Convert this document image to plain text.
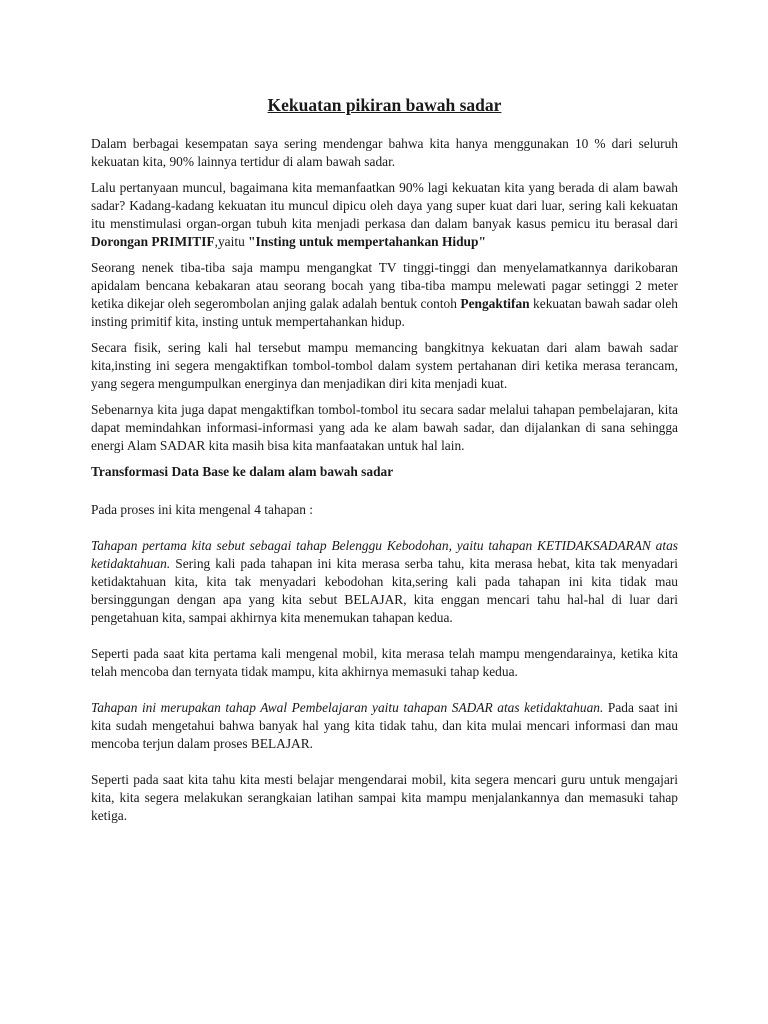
Kekuatan pikiran bawah sadar

Dalam berbagai kesempatan saya sering mendengar bahwa kita hanya menggunakan 10 % dari seluruh kekuatan kita, 90% lainnya tertidur di alam bawah sadar.

Lalu pertanyaan muncul, bagaimana kita memanfaatkan 90% lagi kekuatan kita yang berada di alam bawah sadar? Kadang-kadang kekuatan itu muncul dipicu oleh daya yang super kuat dari luar, sering kali kekuatan itu menstimulasi organ-organ tubuh kita menjadi perkasa dan dalam banyak kasus pemicu itu berasal dari Dorongan PRIMITIF,yaitu "Insting untuk mempertahankan Hidup"

Seorang nenek tiba-tiba saja mampu mengangkat TV tinggi-tinggi dan menyelamatkannya darikobaran apidalam bencana kebakaran atau seorang bocah yang tiba-tiba mampu melewati pagar setinggi 2 meter ketika dikejar oleh segerombolan anjing galak adalah bentuk contoh Pengaktifan kekuatan bawah sadar oleh insting primitif kita, insting untuk mempertahankan hidup.

Secara fisik, sering kali hal tersebut mampu memancing bangkitnya kekuatan dari alam bawah sadar kita,insting ini segera mengaktifkan tombol-tombol dalam system pertahanan diri ketika merasa terancam, yang segera mengumpulkan energinya dan menjadikan diri kita menjadi kuat.

Sebenarnya kita juga dapat mengaktifkan tombol-tombol itu secara sadar melalui tahapan pembelajaran, kita dapat memindahkan informasi-informasi yang ada ke alam bawah sadar, dan dijalankan di sana sehingga energi Alam SADAR kita masih bisa kita manfaatakan untuk hal lain.

Transformasi Data Base ke dalam alam bawah sadar

Pada proses ini kita mengenal 4 tahapan :

Tahapan pertama kita sebut sebagai tahap Belenggu Kebodohan, yaitu tahapan KETIDAKSADARAN atas ketidaktahuan. Sering kali pada tahapan ini kita merasa serba tahu, kita merasa hebat, kita tak menyadari ketidaktahuan kita, kita tak menyadari kebodohan kita,sering kali pada tahapan ini kita tidak mau bersinggungan dengan apa yang kita sebut BELAJAR, kita enggan mencari tahu hal-hal di luar dari pengetahuan kita, sampai akhirnya kita menemukan tahapan kedua.

Seperti pada saat kita pertama kali mengenal mobil, kita merasa telah mampu mengendarainya, ketika kita telah mencoba dan ternyata tidak mampu, kita akhirnya memasuki tahap kedua.

Tahapan ini merupakan tahap Awal Pembelajaran yaitu tahapan SADAR atas ketidaktahuan. Pada saat ini kita sudah mengetahui bahwa banyak hal yang kita tidak tahu, dan kita mulai mencari informasi dan mau mencoba terjun dalam proses BELAJAR.

Seperti pada saat kita tahu kita mesti belajar mengendarai mobil, kita segera mencari guru untuk mengajari kita, kita segera melakukan serangkaian latihan sampai kita mampu menjalankannya dan memasuki tahap ketiga.
